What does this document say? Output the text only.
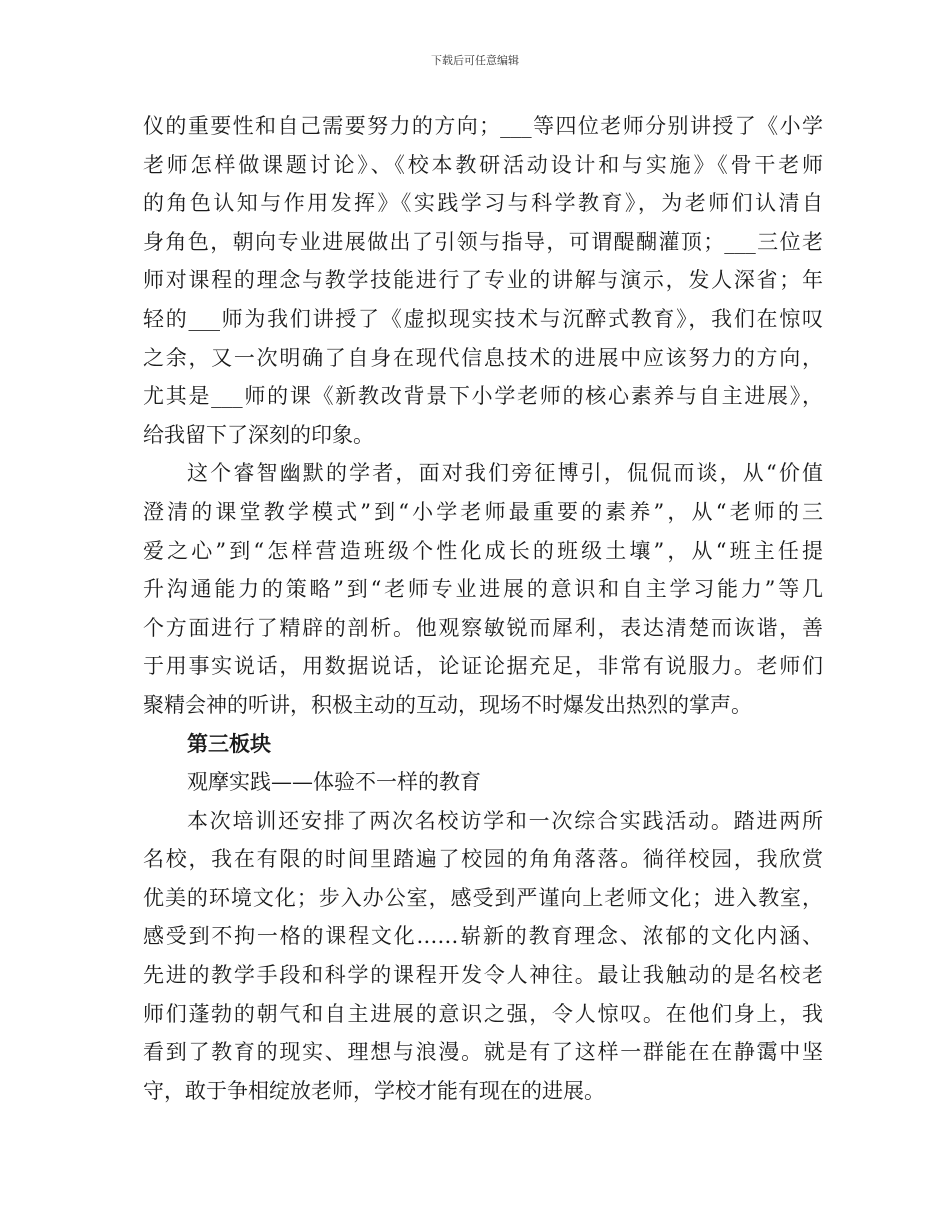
下载后可任意编辑
仪的重要性和自己需要努力的方向；___等四位老师分别讲授了《小学
老师怎样做课题讨论》、《校本教研活动设计和与实施》《骨干老师
的角色认知与作用发挥》《实践学习与科学教育》，为老师们认清自
身角色，朝向专业进展做出了引领与指导，可谓醍醐灌顶；___三位老
师对课程的理念与教学技能进行了专业的讲解与演示，发人深省；年
轻的___师为我们讲授了《虚拟现实技术与沉醉式教育》，我们在惊叹
之余，又一次明确了自身在现代信息技术的进展中应该努力的方向，
尤其是___师的课《新教改背景下小学老师的核心素养与自主进展》，
给我留下了深刻的印象。
这个睿智幽默的学者，面对我们旁征博引，侃侃而谈，从“价值
澄清的课堂教学模式”到“小学老师最重要的素养”，从“老师的三
爱之心”到“怎样营造班级个性化成长的班级土壤”，从“班主任提
升沟通能力的策略”到“老师专业进展的意识和自主学习能力”等几
个方面进行了精辟的剖析。他观察敏锐而犀利，表达清楚而诙谐，善
于用事实说话，用数据说话，论证论据充足，非常有说服力。老师们
聚精会神的听讲，积极主动的互动，现场不时爆发出热烈的掌声。
第三板块
观摩实践——体验不一样的教育
本次培训还安排了两次名校访学和一次综合实践活动。踏进两所
名校，我在有限的时间里踏遍了校园的角角落落。徜徉校园，我欣赏
优美的环境文化；步入办公室，感受到严谨向上老师文化；进入教室，
感受到不拘一格的课程文化……崭新的教育理念、浓郁的文化内涵、
先进的教学手段和科学的课程开发令人神往。最让我触动的是名校老
师们蓬勃的朝气和自主进展的意识之强，令人惊叹。在他们身上，我
看到了教育的现实、理想与浪漫。就是有了这样一群能在在静霭中坚
守，敢于争相绽放老师，学校才能有现在的进展。
